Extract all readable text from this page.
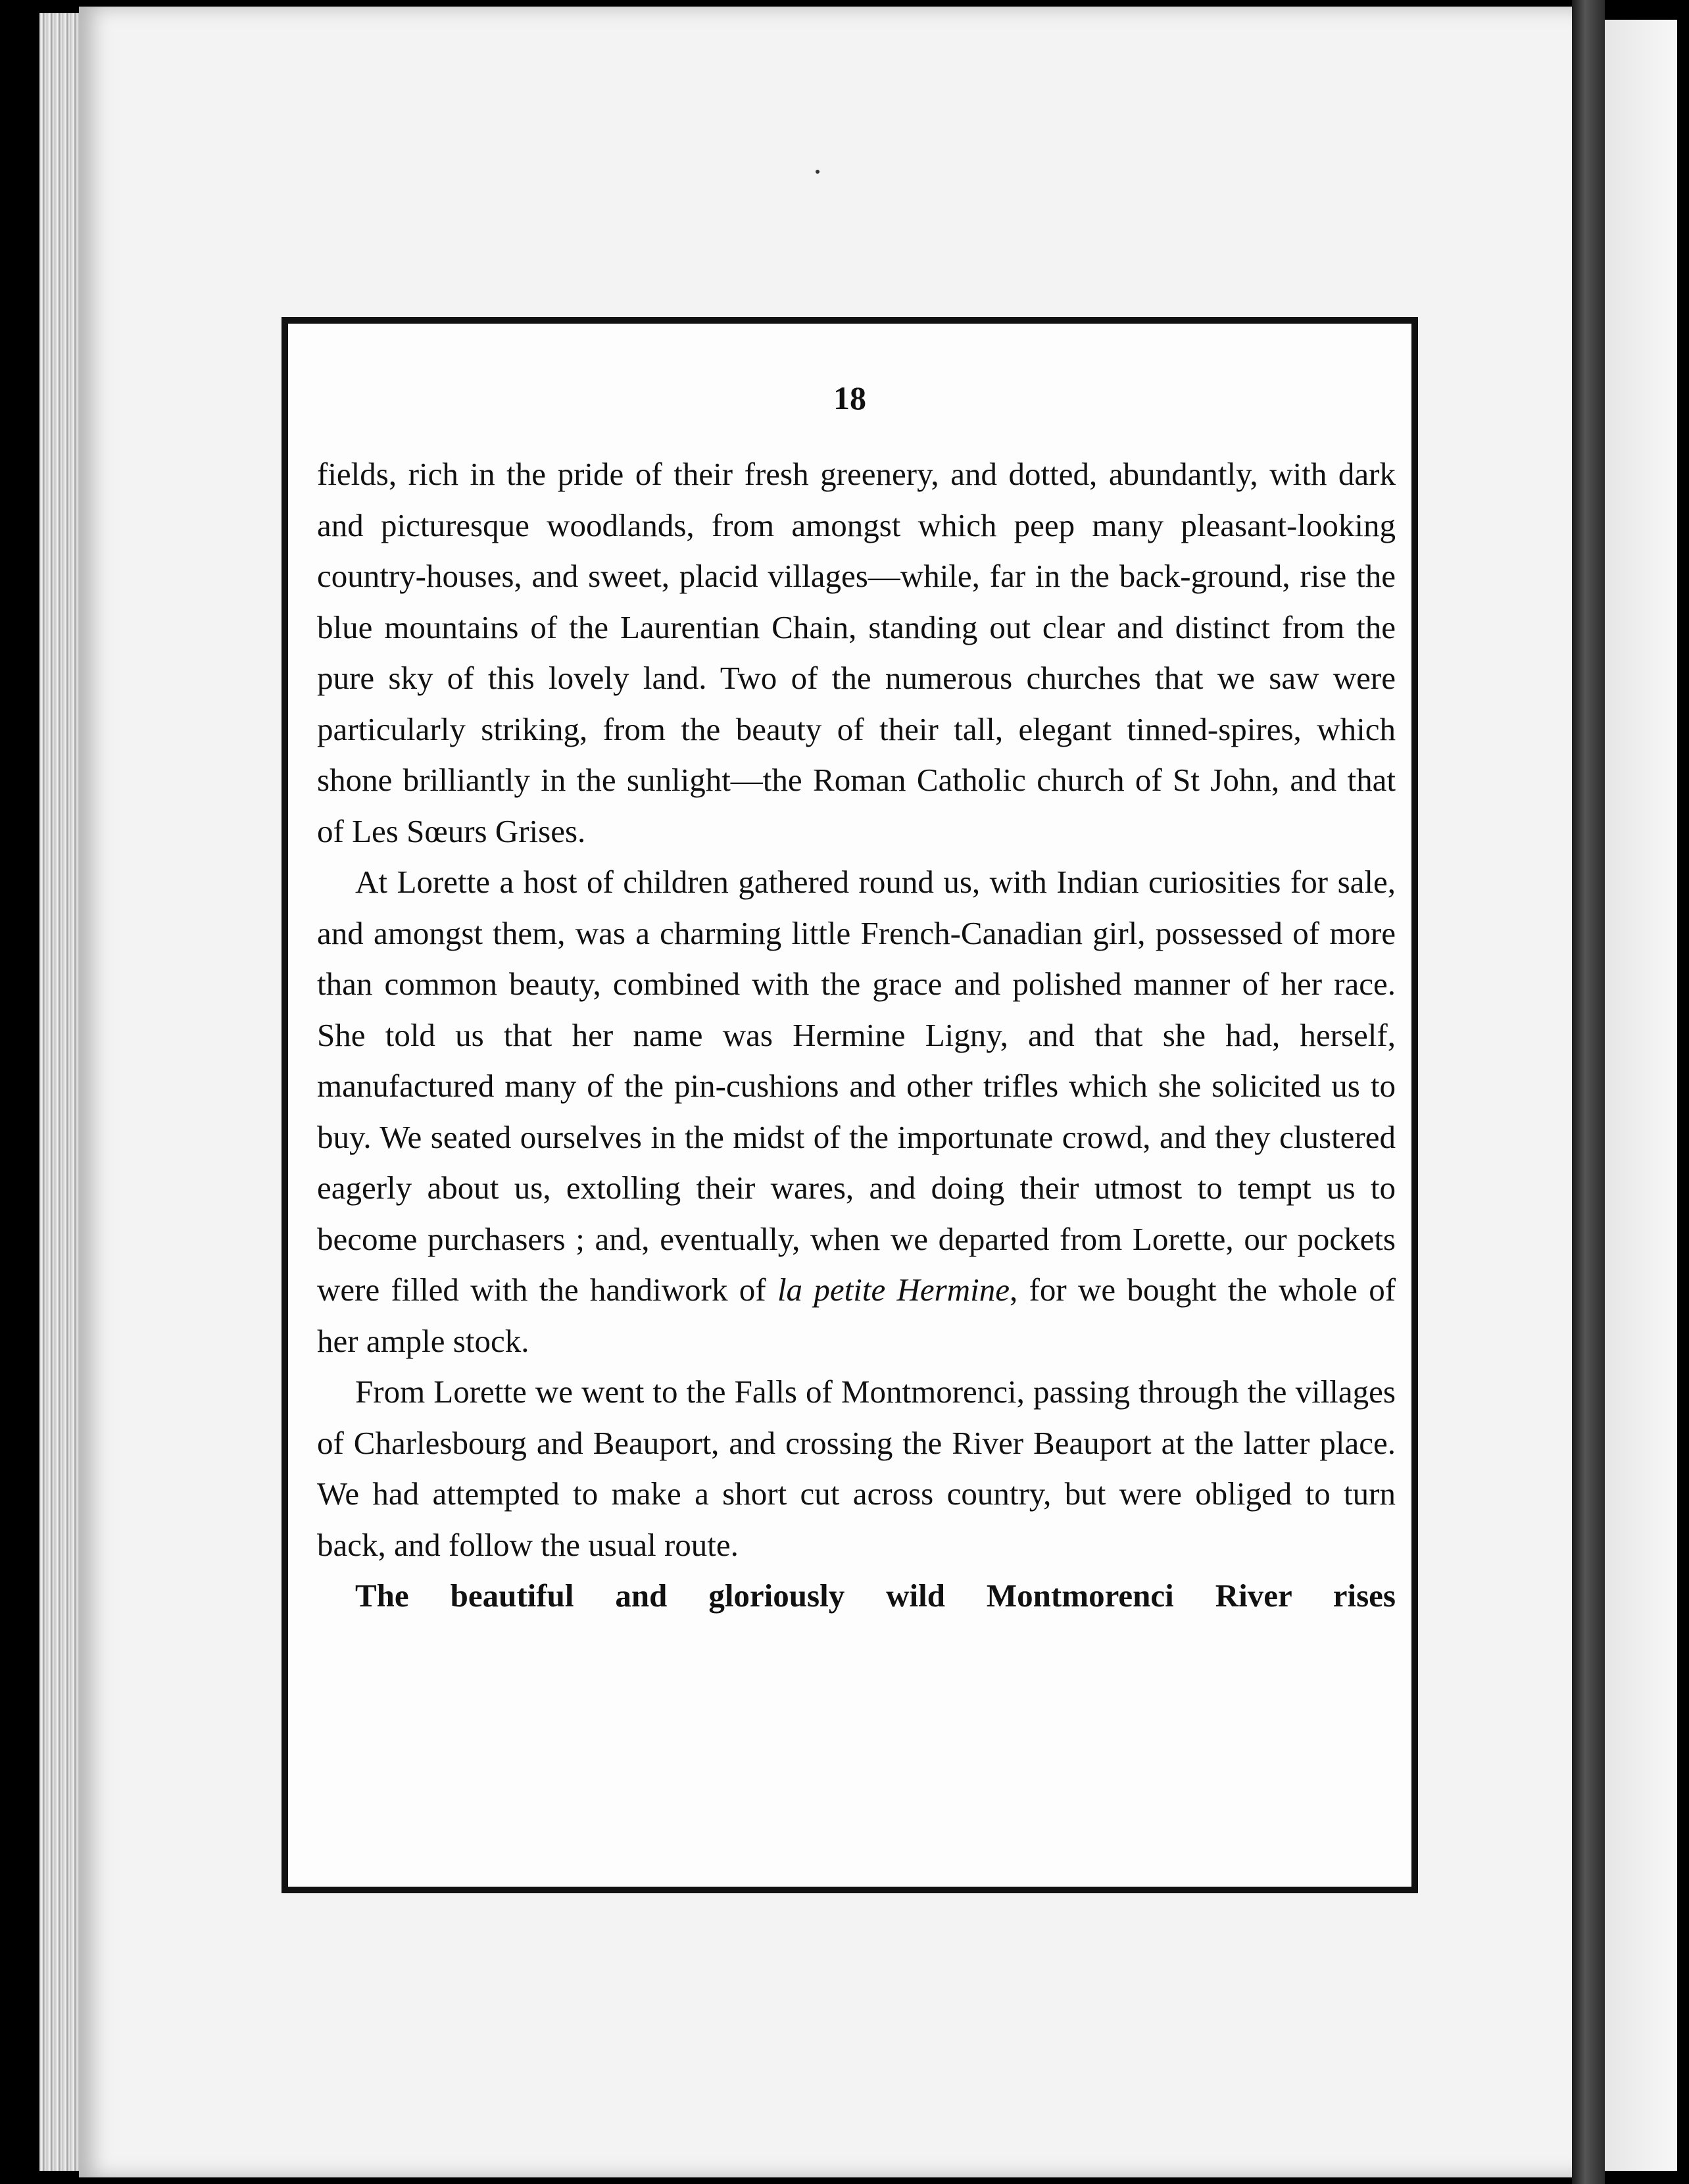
18

fields, rich in the pride of their fresh greenery, and dotted, abundantly, with dark and picturesque woodlands, from amongst which peep many pleasant-looking country-houses, and sweet, placid villages—while, far in the back-ground, rise the blue mountains of the Laurentian Chain, standing out clear and distinct from the pure sky of this lovely land. Two of the numerous churches that we saw were particularly striking, from the beauty of their tall, elegant tinned-spires, which shone brilliantly in the sunlight—the Roman Catholic church of St John, and that of Les Sœurs Grises.

At Lorette a host of children gathered round us, with Indian curiosities for sale, and amongst them, was a charming little French-Canadian girl, possessed of more than common beauty, combined with the grace and polished manner of her race. She told us that her name was Hermine Ligny, and that she had, herself, manufactured many of the pin-cushions and other trifles which she solicited us to buy. We seated ourselves in the midst of the importunate crowd, and they clustered eagerly about us, extolling their wares, and doing their utmost to tempt us to become purchasers ; and, eventually, when we departed from Lorette, our pockets were filled with the handiwork of la petite Hermine, for we bought the whole of her ample stock.

From Lorette we went to the Falls of Montmorenci, passing through the villages of Charlesbourg and Beauport, and crossing the River Beauport at the latter place. We had attempted to make a short cut across country, but were obliged to turn back, and follow the usual route.

The beautiful and gloriously wild Montmorenci River rises
